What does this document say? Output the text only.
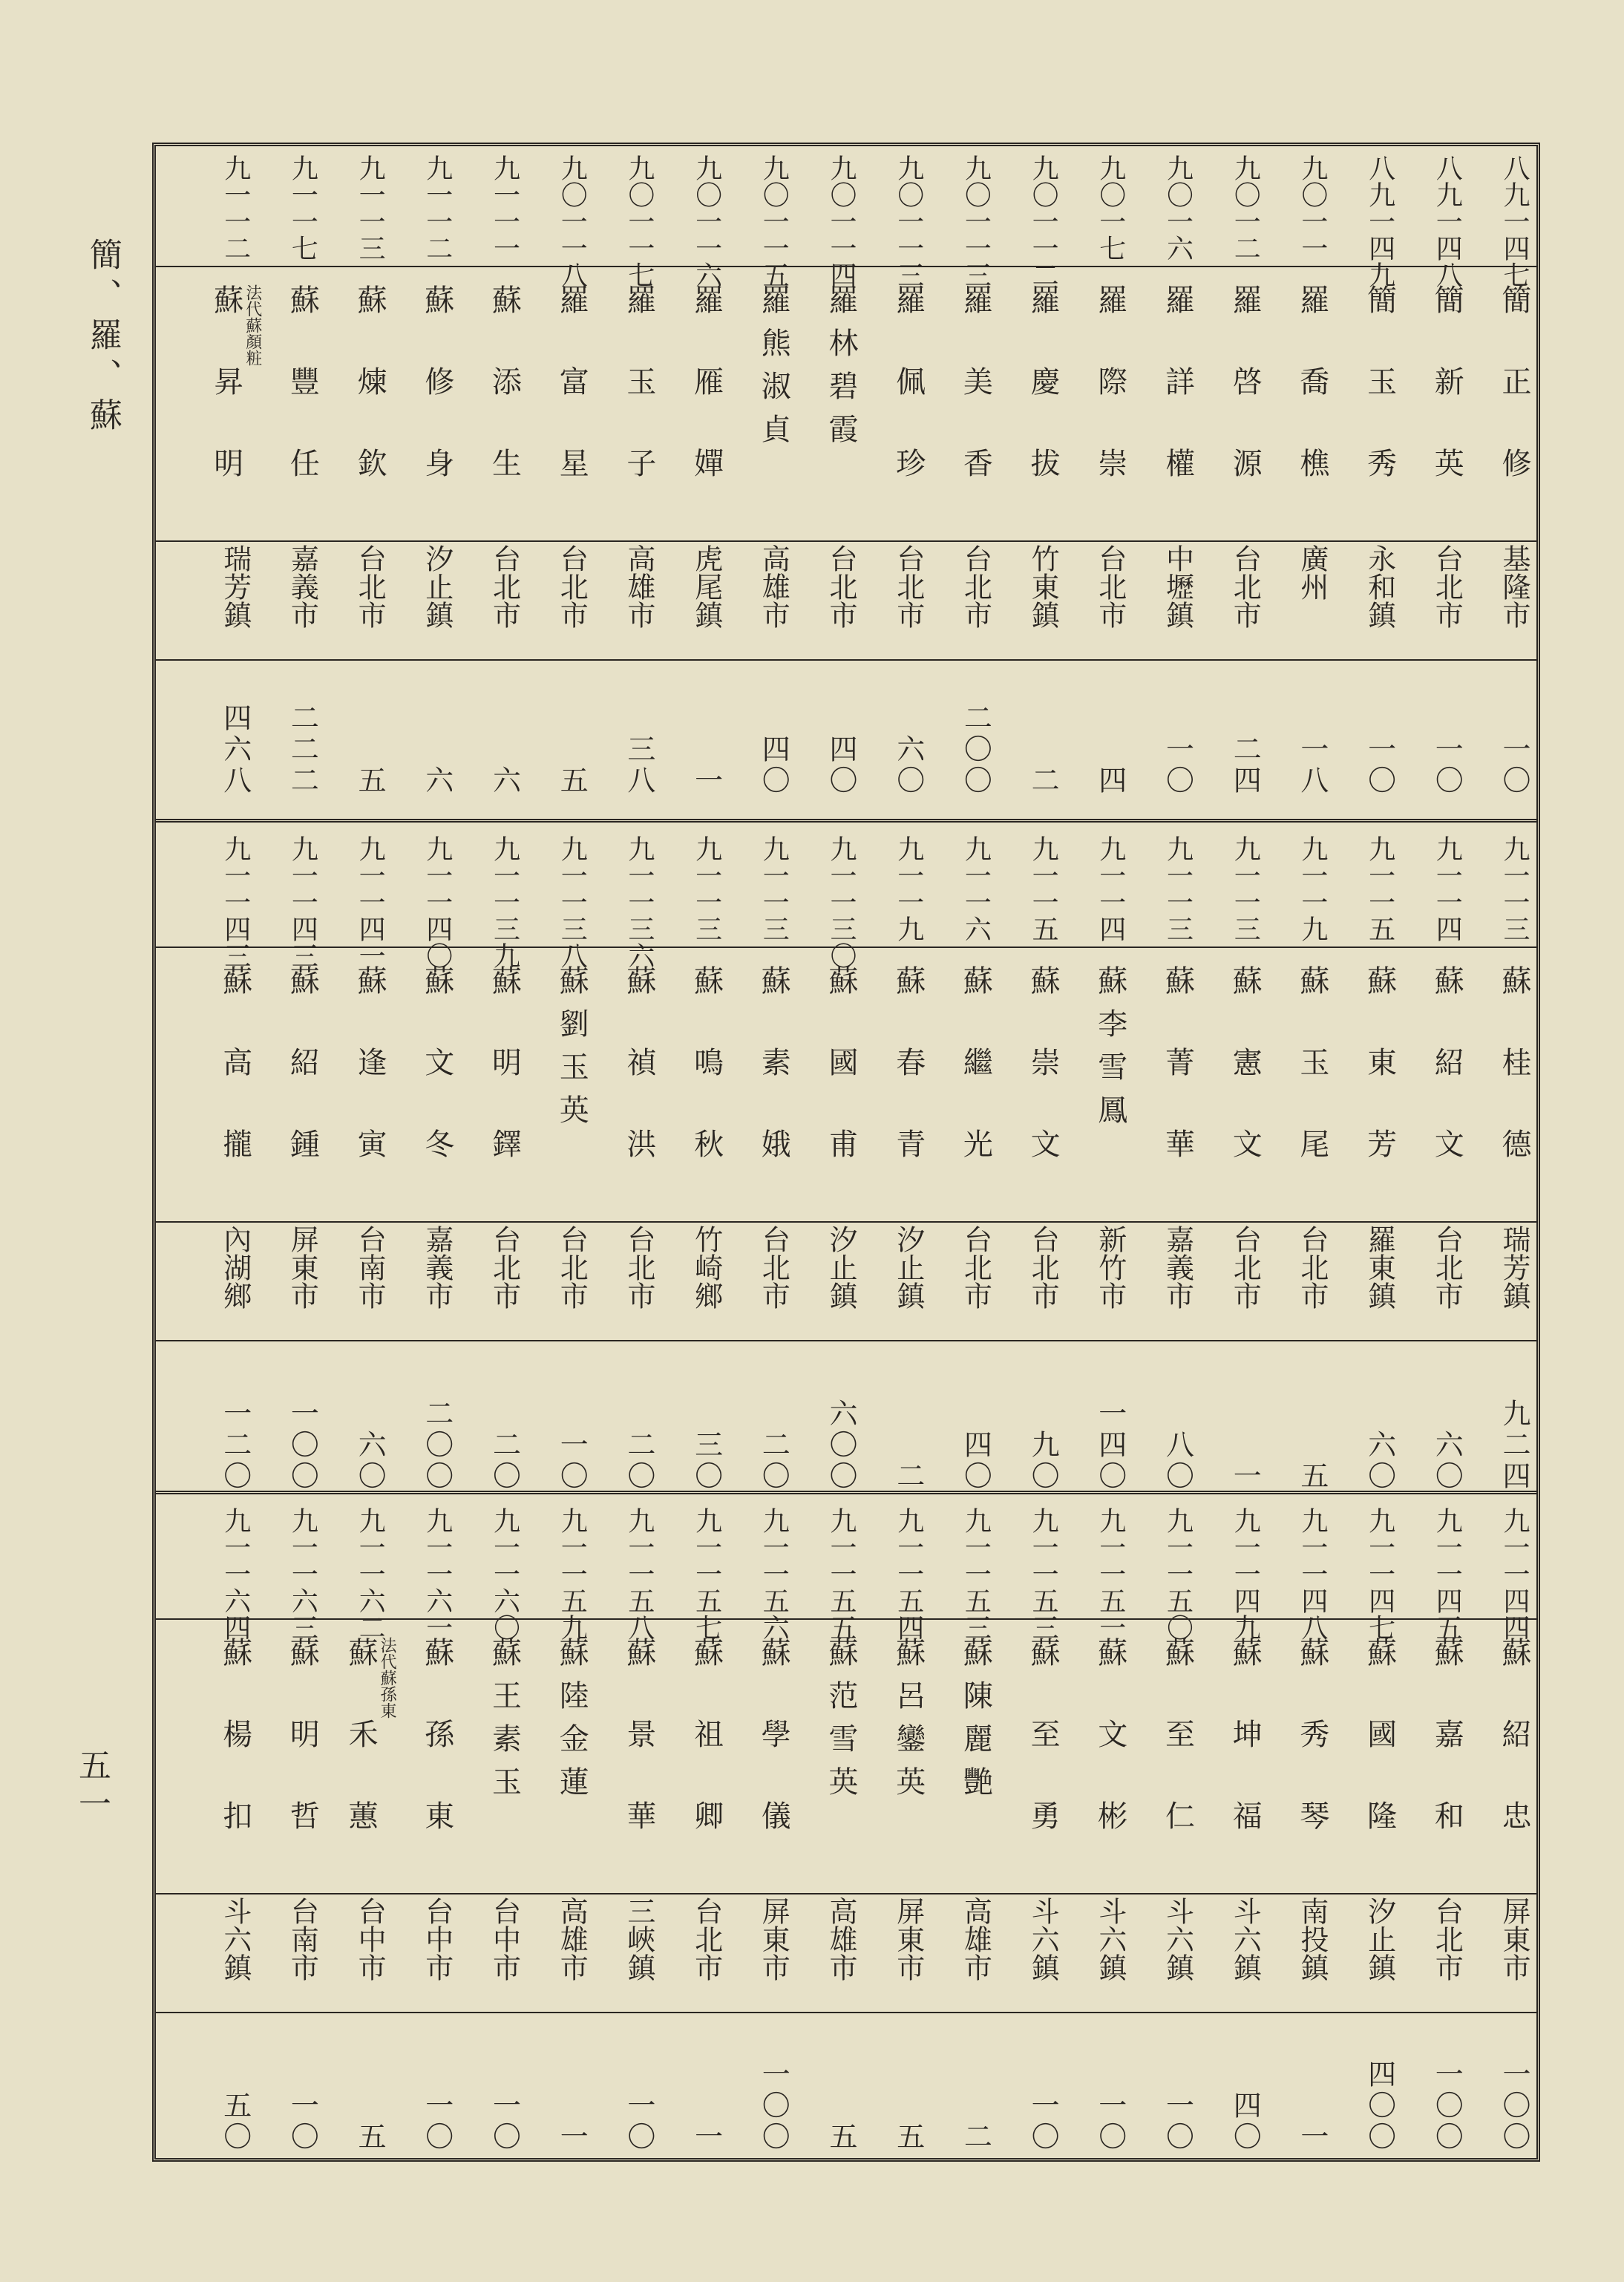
簡、羅、蘇
五一
八九一四七
簡正修
基隆市
一〇
八九一四八
簡新英
台北市
一〇
八九一四九
簡玉秀
永和鎮
一〇
九〇一一
羅喬樵
廣州
一八
九〇一二
羅啓源
台北市
二四
九〇一六
羅詳權
中壢鎮
一〇
九〇一七
羅際崇
台北市
四
九〇一一二
羅慶拔
竹東鎮
二
九〇一一三
羅美香
台北市
二〇〇
九〇一一三
羅佩珍
台北市
六〇
九〇一一四
羅林碧霞
台北市
四〇
九〇一一五
羅熊淑貞
高雄市
四〇
九〇一一六
羅雁嬋
虎尾鎮
一
九〇一一七
羅玉子
高雄市
三八
九〇一一八
羅富星
台北市
五
九一一一
蘇添生
台北市
六
九一一二
蘇修身
汐止鎮
六
九一一三
蘇煉欽
台北市
五
九一一七
蘇豐任
嘉義市
二二二
九一一二
蘇昇明 法代蘇顏粧
瑞芳鎮
四六八
九一一三
蘇桂德
瑞芳鎮
九二四
九一一四
蘇紹文
台北市
六〇
九一一五
蘇東芳
羅東鎮
六〇
九一一九
蘇玉尾
台北市
五
九一一三
蘇憲文
台北市
一
九一一三
蘇菁華
嘉義市
八〇
九一一四
蘇李雪鳳
新竹市
一四〇
九一一五
蘇崇文
台北市
九〇
九一一六
蘇繼光
台北市
四〇
九一一九
蘇春青
汐止鎮
二
九一一三〇
蘇國甫
汐止鎮
六〇〇
九一一三
蘇素娥
台北市
二〇
九一一三
蘇鳴秋
竹崎鄉
三〇
九一一三六
蘇禎洪
台北市
二〇
九一一三八
蘇劉玉英
台北市
一〇
九一一三九
蘇明鐸
台北市
二〇
九一一四〇
蘇文冬
嘉義市
二〇〇
九一一四一
蘇逢寅
台南市
六〇
九一一四三
蘇紹鍾
屏東市
一〇〇
九一一四三
蘇高攏
內湖鄉
一二〇
九一一四四
蘇紹忠
屏東市
一〇〇
九一一四五
蘇嘉和
台北市
一〇〇
九一一四七
蘇國隆
汐止鎮
四〇〇
九一一四八
蘇秀琴
南投鎮
一
九一一四九
蘇坤福
斗六鎮
四〇
九一一五〇
蘇至仁
斗六鎮
一〇
九一一五一
蘇文彬
斗六鎮
一〇
九一一五三
蘇至勇
斗六鎮
一〇
九一一五三
蘇陳麗艷
高雄市
二
九一一五四
蘇呂鑾英
屏東市
五
九一一五五
蘇范雪英
高雄市
五
九一一五六
蘇學儀
屏東市
一〇〇
九一一五七
蘇祖卿
台北市
一
九一一五八
蘇景華
三峽鎮
一〇
九一一五九
蘇陸金蓮
高雄市
一
九一一六〇
蘇王素玉
台中市
一〇
九一一六一
蘇孫東
台中市
一〇
九一一六二
蘇禾蕙 法代蘇孫東
台中市
五
九一一六三
蘇明哲
台南市
一〇
九一一六四
蘇楊扣
斗六鎮
五〇
